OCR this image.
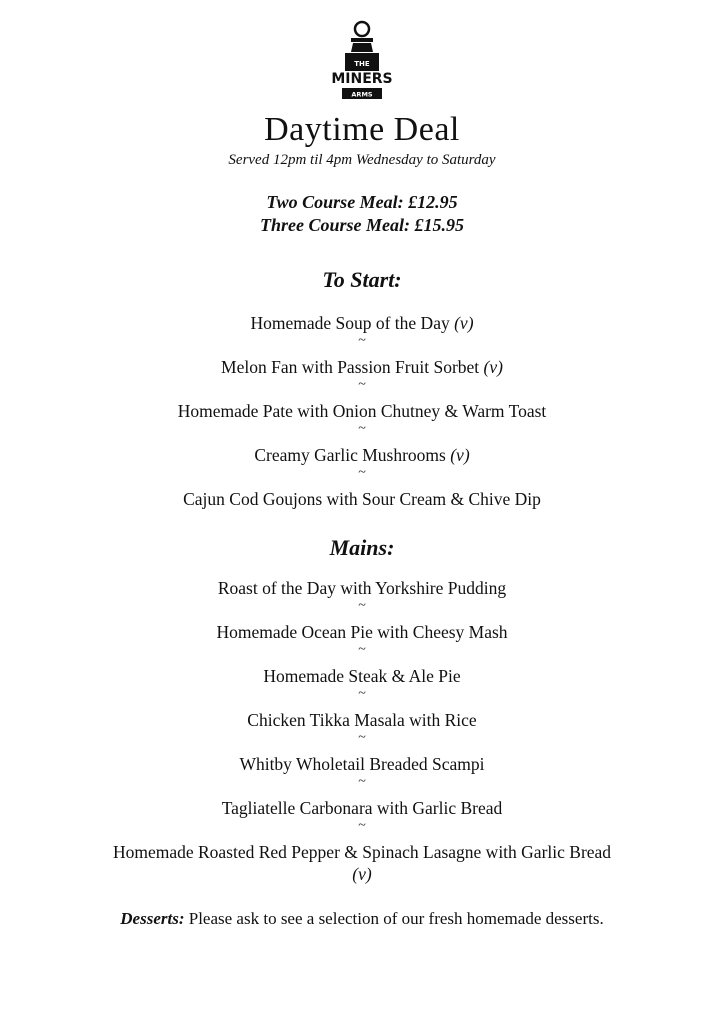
THE
MINERS
ARMS
Daytime Deal
Served 12pm til 4pm Wednesday to Saturday
Two Course Meal: £12.95
Three Course Meal: £15.95
To Start:
Homemade Soup of the Day (v)
~
Melon Fan with Passion Fruit Sorbet (v)
~
Homemade Pate with Onion Chutney & Warm Toast
~
Creamy Garlic Mushrooms (v)
~
Cajun Cod Goujons with Sour Cream & Chive Dip
Mains:
Roast of the Day with Yorkshire Pudding
~
Homemade Ocean Pie with Cheesy Mash
~
Homemade Steak & Ale Pie
~
Chicken Tikka Masala with Rice
~
Whitby Wholetail Breaded Scampi
~
Tagliatelle Carbonara with Garlic Bread
~
Homemade Roasted Red Pepper & Spinach Lasagne with Garlic Bread
(v)
Desserts: Please ask to see a selection of our fresh homemade desserts.
